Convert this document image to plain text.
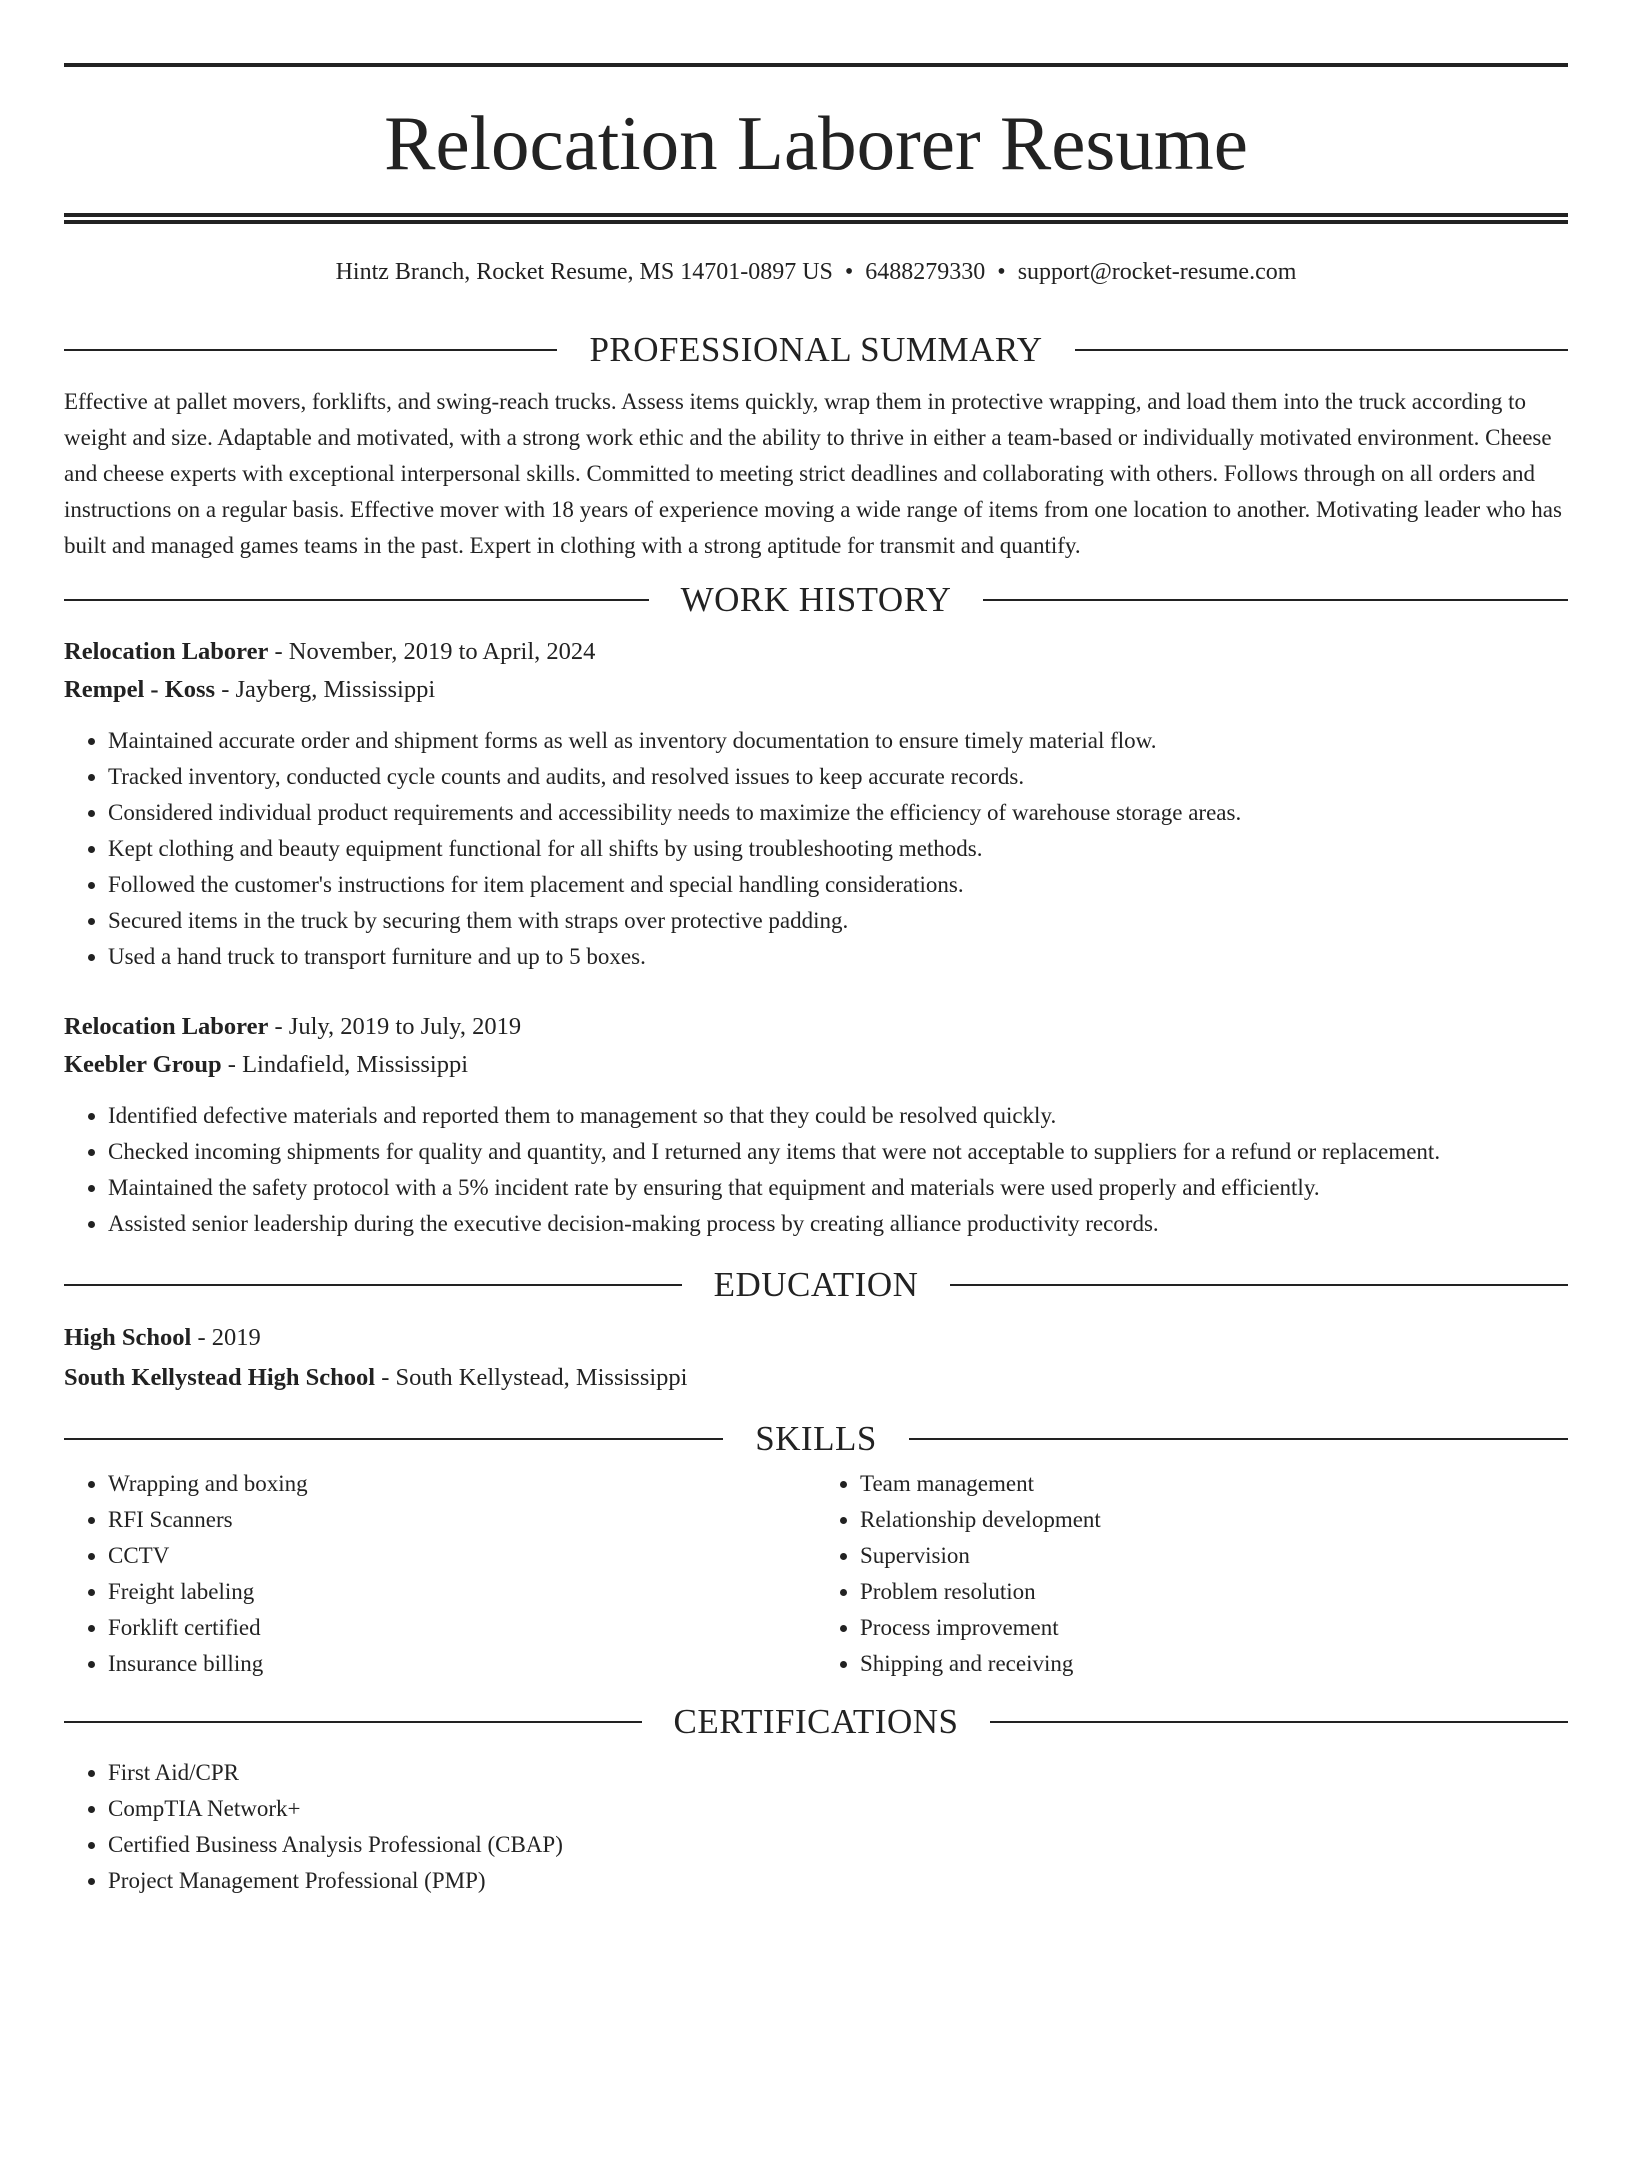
Relocation Laborer Resume
Hintz Branch, Rocket Resume, MS 14701-0897 US • 6488279330 • support@rocket-resume.com
PROFESSIONAL SUMMARY

Effective at pallet movers, forklifts, and swing-reach trucks. Assess items quickly, wrap them in protective wrapping, and load them into the truck according to weight and size. Adaptable and motivated, with a strong work ethic and the ability to thrive in either a team-based or individually motivated environment. Cheese and cheese experts with exceptional interpersonal skills. Committed to meeting strict deadlines and collaborating with others. Follows through on all orders and instructions on a regular basis. Effective mover with 18 years of experience moving a wide range of items from one location to another. Motivating leader who has built and managed games teams in the past. Expert in clothing with a strong aptitude for transmit and quantify.

WORK HISTORY
Relocation Laborer - November, 2019 to April, 2024
Rempel - Koss - Jayberg, Mississippi
• Maintained accurate order and shipment forms as well as inventory documentation to ensure timely material flow.
• Tracked inventory, conducted cycle counts and audits, and resolved issues to keep accurate records.
• Considered individual product requirements and accessibility needs to maximize the efficiency of warehouse storage areas.
• Kept clothing and beauty equipment functional for all shifts by using troubleshooting methods.
• Followed the customer's instructions for item placement and special handling considerations.
• Secured items in the truck by securing them with straps over protective padding.
• Used a hand truck to transport furniture and up to 5 boxes.
Relocation Laborer - July, 2019 to July, 2019
Keebler Group - Lindafield, Mississippi
• Identified defective materials and reported them to management so that they could be resolved quickly.
• Checked incoming shipments for quality and quantity, and I returned any items that were not acceptable to suppliers for a refund or replacement.
• Maintained the safety protocol with a 5% incident rate by ensuring that equipment and materials were used properly and efficiently.
• Assisted senior leadership during the executive decision-making process by creating alliance productivity records.
EDUCATION
High School - 2019
South Kellystead High School - South Kellystead, Mississippi
SKILLS
• Wrapping and boxing
• RFI Scanners
• CCTV
• Freight labeling
• Forklift certified
• Insurance billing
• Team management
• Relationship development
• Supervision
• Problem resolution
• Process improvement
• Shipping and receiving
CERTIFICATIONS
• First Aid/CPR
• CompTIA Network+
• Certified Business Analysis Professional (CBAP)
• Project Management Professional (PMP)
